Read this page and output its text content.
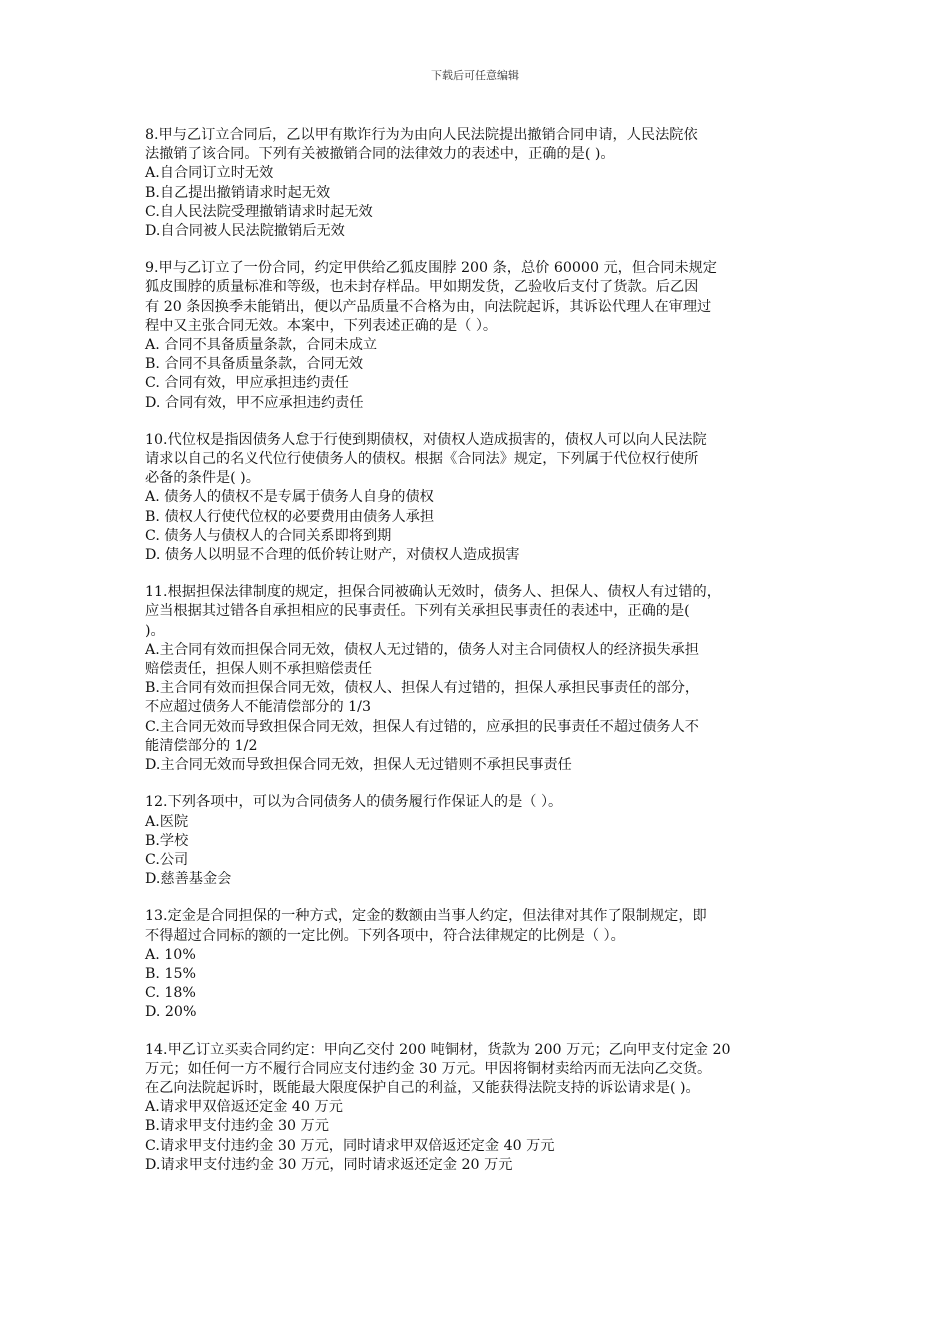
下载后可任意编辑
8.甲与乙订立合同后，乙以甲有欺诈行为为由向人民法院提出撤销合同申请，人民法院依
法撤销了该合同。下列有关被撤销合同的法律效力的表述中，正确的是( )。
A.自合同订立时无效
B.自乙提出撤销请求时起无效
C.自人民法院受理撤销请求时起无效
D.自合同被人民法院撤销后无效
9.甲与乙订立了一份合同，约定甲供给乙狐皮围脖 200 条，总价 60000 元，但合同未规定
狐皮围脖的质量标准和等级，也未封存样品。甲如期发货，乙验收后支付了货款。后乙因
有 20 条因换季未能销出，便以产品质量不合格为由，向法院起诉，其诉讼代理人在审理过
程中又主张合同无效。本案中，下列表述正确的是（ ）。
A. 合同不具备质量条款，合同未成立
B. 合同不具备质量条款，合同无效
C. 合同有效，甲应承担违约责任
D. 合同有效，甲不应承担违约责任
10.代位权是指因债务人怠于行使到期债权，对债权人造成损害的，债权人可以向人民法院
请求以自己的名义代位行使债务人的债权。根据《合同法》规定，下列属于代位权行使所
必备的条件是( )。
A. 债务人的债权不是专属于债务人自身的债权
B. 债权人行使代位权的必要费用由债务人承担
C. 债务人与债权人的合同关系即将到期
D. 债务人以明显不合理的低价转让财产，对债权人造成损害
11.根据担保法律制度的规定，担保合同被确认无效时，债务人、担保人、债权人有过错的，
应当根据其过错各自承担相应的民事责任。下列有关承担民事责任的表述中，正确的是(
)。
A.主合同有效而担保合同无效，债权人无过错的，债务人对主合同债权人的经济损失承担
赔偿责任，担保人则不承担赔偿责任
B.主合同有效而担保合同无效，债权人、担保人有过错的，担保人承担民事责任的部分，
不应超过债务人不能清偿部分的 1/3
C.主合同无效而导致担保合同无效，担保人有过错的，应承担的民事责任不超过债务人不
能清偿部分的 1/2
D.主合同无效而导致担保合同无效，担保人无过错则不承担民事责任
12.下列各项中，可以为合同债务人的债务履行作保证人的是（ ）。
A.医院
B.学校
C.公司
D.慈善基金会
13.定金是合同担保的一种方式，定金的数额由当事人约定，但法律对其作了限制规定，即
不得超过合同标的额的一定比例。下列各项中，符合法律规定的比例是（ ）。
A. 10%
B. 15%
C. 18%
D. 20%
14.甲乙订立买卖合同约定：甲向乙交付 200 吨铜材，货款为 200 万元；乙向甲支付定金 20
万元；如任何一方不履行合同应支付违约金 30 万元。甲因将铜材卖给丙而无法向乙交货。
在乙向法院起诉时，既能最大限度保护自己的利益，又能获得法院支持的诉讼请求是( )。
A.请求甲双倍返还定金 40 万元
B.请求甲支付违约金 30 万元
C.请求甲支付违约金 30 万元，同时请求甲双倍返还定金 40 万元
D.请求甲支付违约金 30 万元，同时请求返还定金 20 万元
